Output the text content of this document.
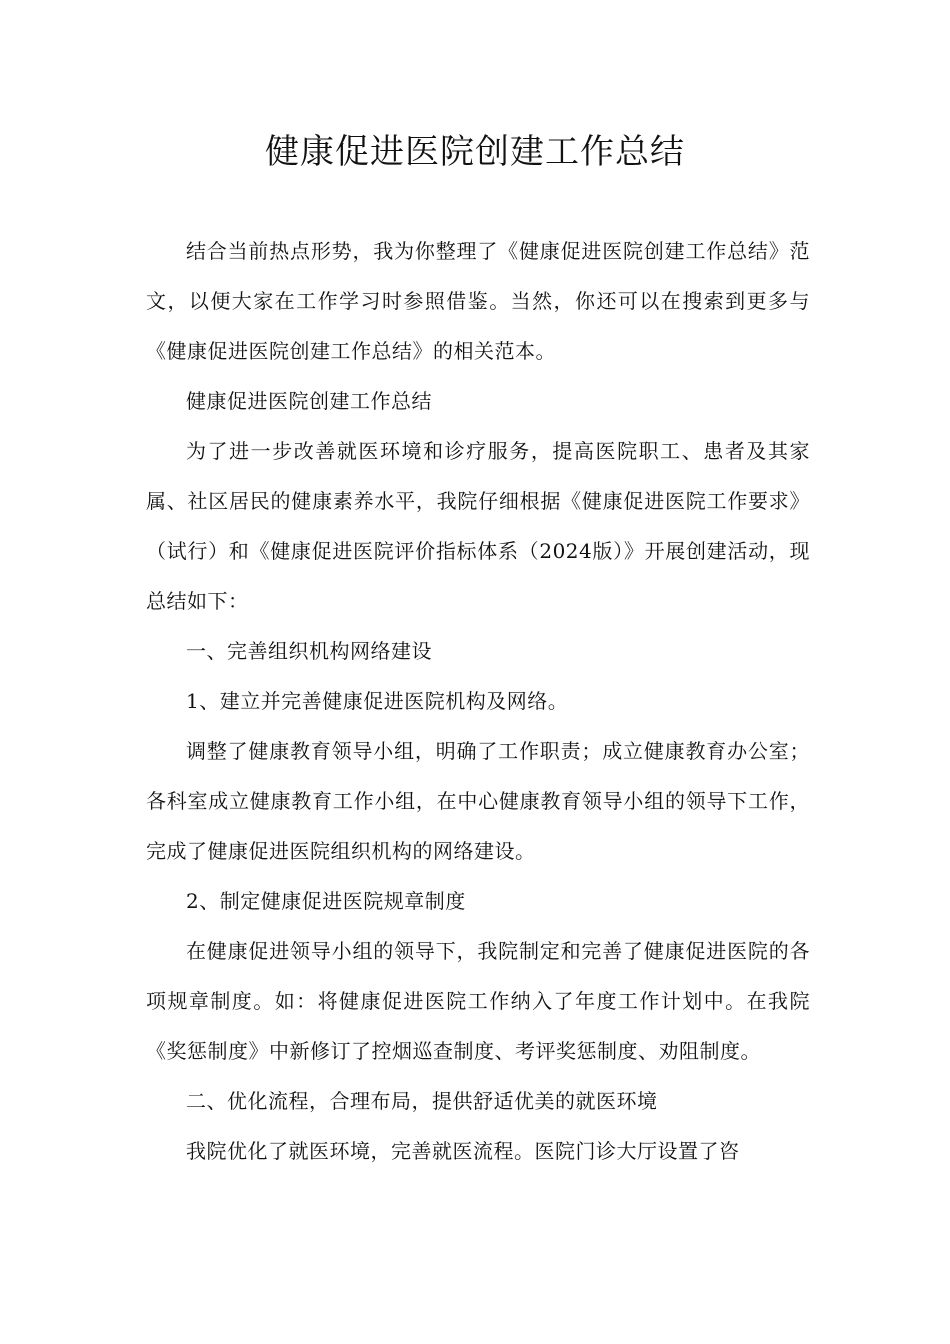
健康促进医院创建工作总结

结合当前热点形势，我为你整理了《健康促进医院创建工作总结》范文，以便大家在工作学习时参照借鉴。当然，你还可以在搜索到更多与《健康促进医院创建工作总结》的相关范本。

健康促进医院创建工作总结

为了进一步改善就医环境和诊疗服务，提高医院职工、患者及其家属、社区居民的健康素养水平，我院仔细根据《健康促进医院工作要求》（试行）和《健康促进医院评价指标体系（2024版）》开展创建活动，现总结如下：

一、完善组织机构网络建设

1、建立并完善健康促进医院机构及网络。

调整了健康教育领导小组，明确了工作职责；成立健康教育办公室；各科室成立健康教育工作小组，在中心健康教育领导小组的领导下工作，完成了健康促进医院组织机构的网络建设。

2、制定健康促进医院规章制度

在健康促进领导小组的领导下，我院制定和完善了健康促进医院的各项规章制度。如：将健康促进医院工作纳入了年度工作计划中。在我院《奖惩制度》中新修订了控烟巡查制度、考评奖惩制度、劝阻制度。

二、优化流程，合理布局，提供舒适优美的就医环境

我院优化了就医环境，完善就医流程。医院门诊大厅设置了咨
